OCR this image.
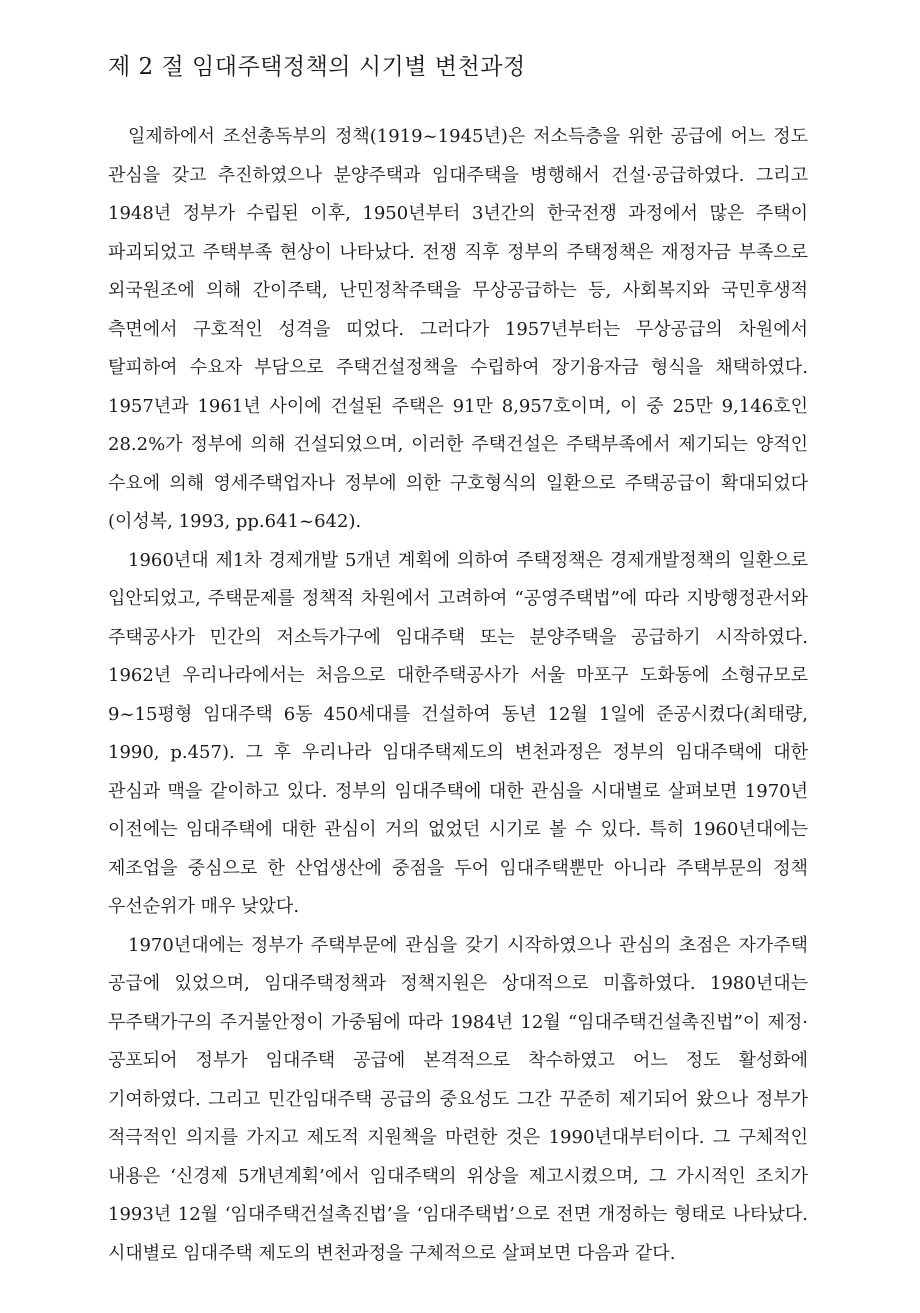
제 2 절 임대주택정책의 시기별 변천과정

일제하에서 조선총독부의 정책(1919~1945년)은 저소득층을 위한 공급에 어느 정도 관심을 갖고 추진하였으나 분양주택과 임대주택을 병행해서 건설·공급하였다. 그리고 1948년 정부가 수립된 이후, 1950년부터 3년간의 한국전쟁 과정에서 많은 주택이 파괴되었고 주택부족 현상이 나타났다. 전쟁 직후 정부의 주택정책은 재정자금 부족으로 외국원조에 의해 간이주택, 난민정착주택을 무상공급하는 등, 사회복지와 국민후생적 측면에서 구호적인 성격을 띠었다. 그러다가 1957년부터는 무상공급의 차원에서 탈피하여 수요자 부담으로 주택건설정책을 수립하여 장기융자금 형식을 채택하였다. 1957년과 1961년 사이에 건설된 주택은 91만 8,957호이며, 이 중 25만 9,146호인 28.2%가 정부에 의해 건설되었으며, 이러한 주택건설은 주택부족에서 제기되는 양적인 수요에 의해 영세주택업자나 정부에 의한 구호형식의 일환으로 주택공급이 확대되었다(이성복, 1993, pp.641~642).

1960년대 제1차 경제개발 5개년 계획에 의하여 주택정책은 경제개발정책의 일환으로 입안되었고, 주택문제를 정책적 차원에서 고려하여 “공영주택법”에 따라 지방행정관서와 주택공사가 민간의 저소득가구에 임대주택 또는 분양주택을 공급하기 시작하였다. 1962년 우리나라에서는 처음으로 대한주택공사가 서울 마포구 도화동에 소형규모로 9~15평형 임대주택 6동 450세대를 건설하여 동년 12월 1일에 준공시켰다(최태량, 1990, p.457). 그 후 우리나라 임대주택제도의 변천과정은 정부의 임대주택에 대한 관심과 맥을 같이하고 있다. 정부의 임대주택에 대한 관심을 시대별로 살펴보면 1970년 이전에는 임대주택에 대한 관심이 거의 없었던 시기로 볼 수 있다. 특히 1960년대에는 제조업을 중심으로 한 산업생산에 중점을 두어 임대주택뿐만 아니라 주택부문의 정책 우선순위가 매우 낮았다.

1970년대에는 정부가 주택부문에 관심을 갖기 시작하였으나 관심의 초점은 자가주택 공급에 있었으며, 임대주택정책과 정책지원은 상대적으로 미흡하였다. 1980년대는 무주택가구의 주거불안정이 가중됨에 따라 1984년 12월 “임대주택건설촉진법”이 제정·공포되어 정부가 임대주택 공급에 본격적으로 착수하였고 어느 정도 활성화에 기여하였다. 그리고 민간임대주택 공급의 중요성도 그간 꾸준히 제기되어 왔으나 정부가 적극적인 의지를 가지고 제도적 지원책을 마련한 것은 1990년대부터이다. 그 구체적인 내용은 ‘신경제 5개년계획’에서 임대주택의 위상을 제고시켰으며, 그 가시적인 조치가 1993년 12월 ‘임대주택건설촉진법’을 ‘임대주택법’으로 전면 개정하는 형태로 나타났다. 시대별로 임대주택 제도의 변천과정을 구체적으로 살펴보면 다음과 같다.
